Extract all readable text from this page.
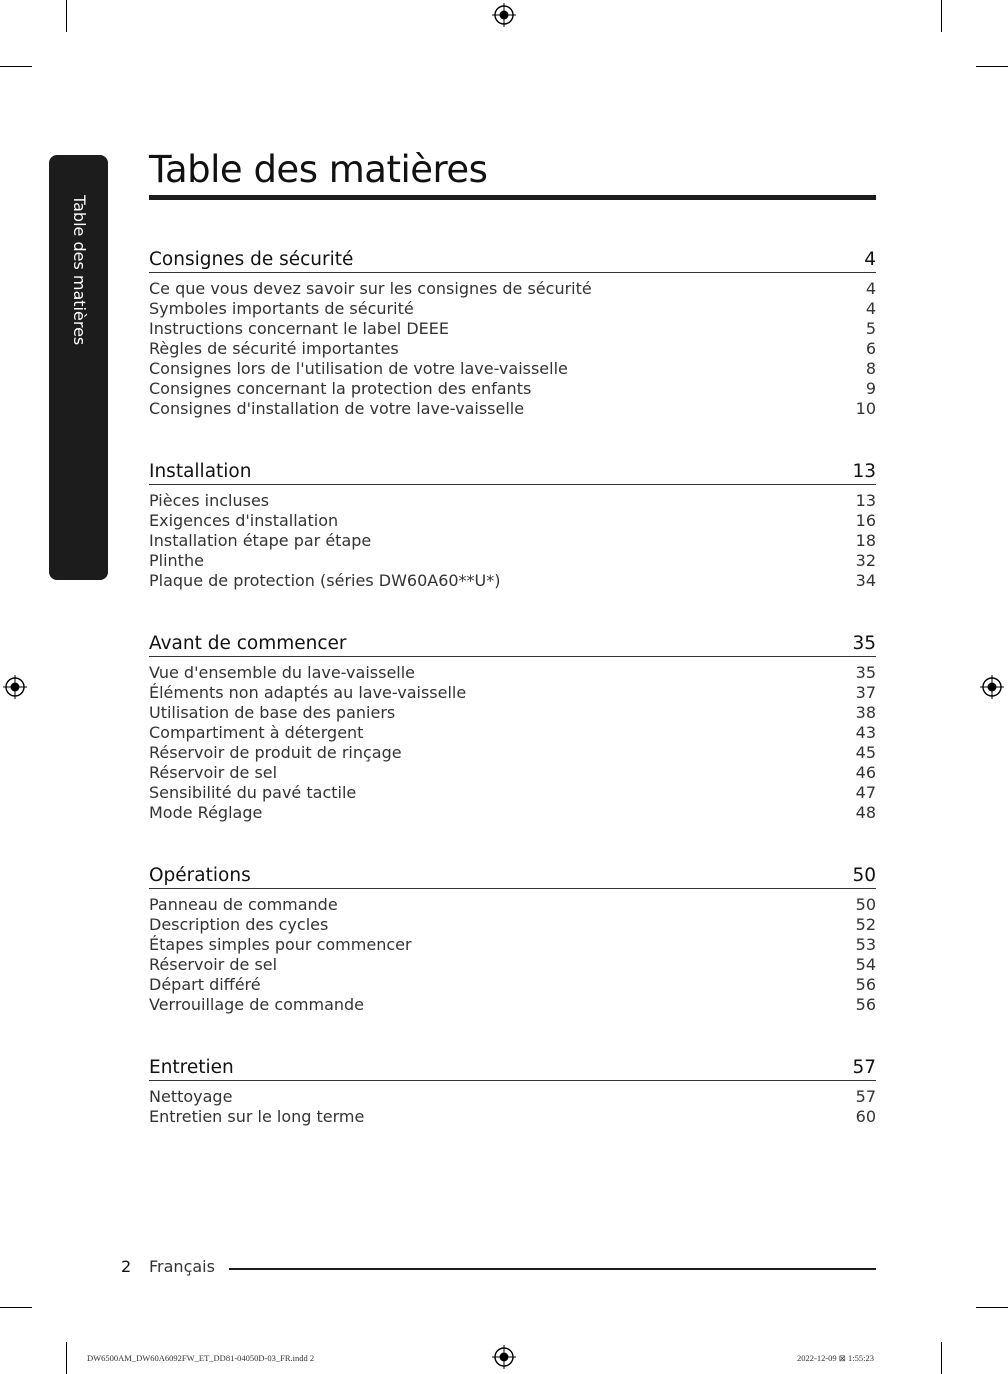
Table des matières
Table des matières
Consignes de sécurité	4
Ce que vous devez savoir sur les consignes de sécurité	4
Symboles importants de sécurité	4
Instructions concernant le label DEEE	5
Règles de sécurité importantes	6
Consignes lors de l'utilisation de votre lave-vaisselle	8
Consignes concernant la protection des enfants	9
Consignes d'installation de votre lave-vaisselle	10
Installation	13
Pièces incluses	13
Exigences d'installation	16
Installation étape par étape	18
Plinthe	32
Plaque de protection (séries DW60A60**U*)	34
Avant de commencer	35
Vue d'ensemble du lave-vaisselle	35
Éléments non adaptés au lave-vaisselle	37
Utilisation de base des paniers	38
Compartiment à détergent	43
Réservoir de produit de rinçage	45
Réservoir de sel	46
Sensibilité du pavé tactile	47
Mode Réglage	48
Opérations	50
Panneau de commande	50
Description des cycles	52
Étapes simples pour commencer	53
Réservoir de sel	54
Départ différé	56
Verrouillage de commande	56
Entretien	57
Nettoyage	57
Entretien sur le long terme	60
2 Français
DW6500AM_DW60A6092FW_ET_DD81-04050D-03_FR.indd 2	2022-12-09 ⊠ 1:55:23
